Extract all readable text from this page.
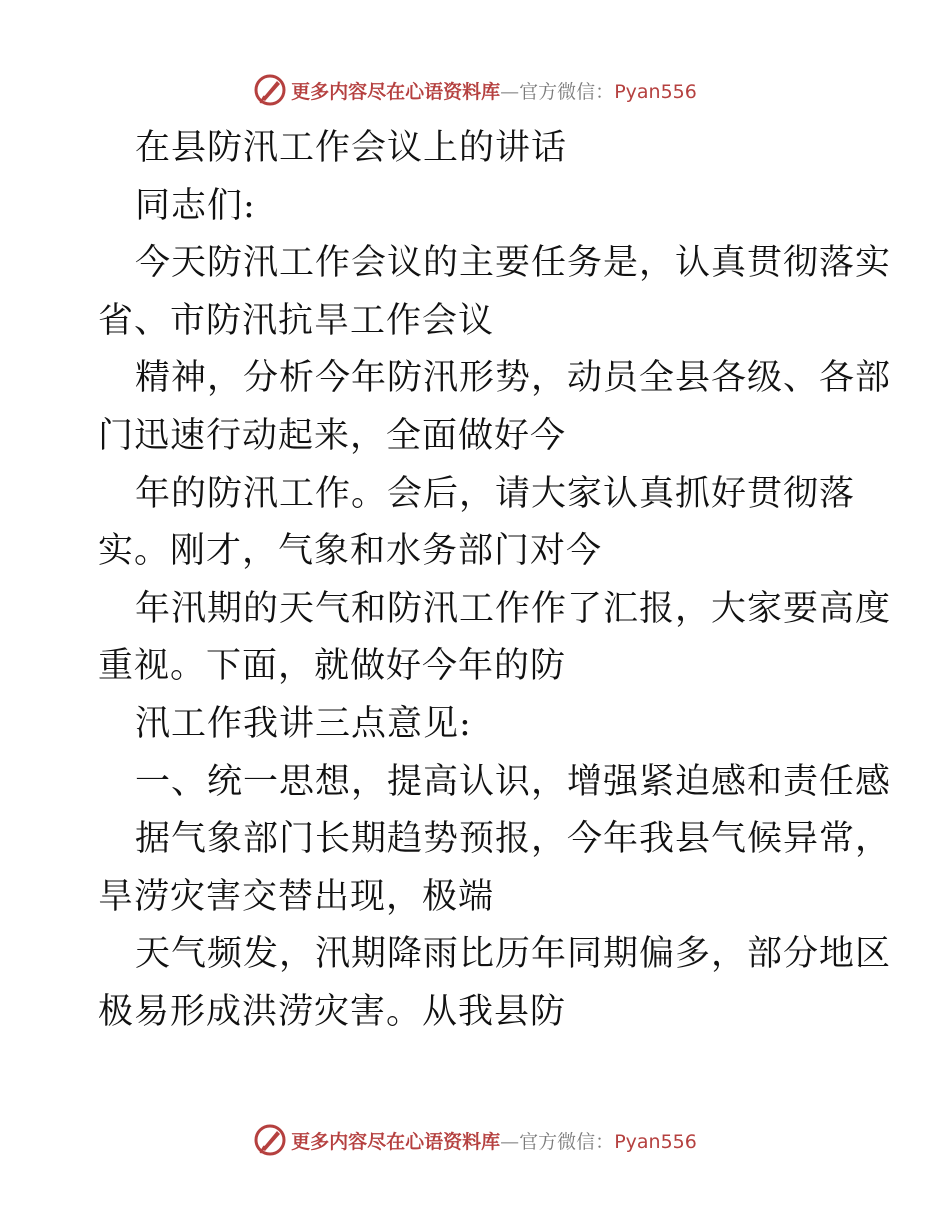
更多内容尽在心语资料库—官方微信：Pyan556
在县防汛工作会议上的讲话
同志们:
今天防汛工作会议的主要任务是，认真贯彻落实
省、市防汛抗旱工作会议
精神，分析今年防汛形势，动员全县各级、各部
门迅速行动起来，全面做好今
年的防汛工作。会后，请大家认真抓好贯彻落
实。刚才，气象和水务部门对今
年汛期的天气和防汛工作作了汇报，大家要高度
重视。下面，就做好今年的防
汛工作我讲三点意见:
一、统一思想，提高认识，增强紧迫感和责任感
据气象部门长期趋势预报，今年我县气候异常，
旱涝灾害交替出现，极端
天气频发，汛期降雨比历年同期偏多，部分地区
极易形成洪涝灾害。从我县防
更多内容尽在心语资料库—官方微信：Pyan556
